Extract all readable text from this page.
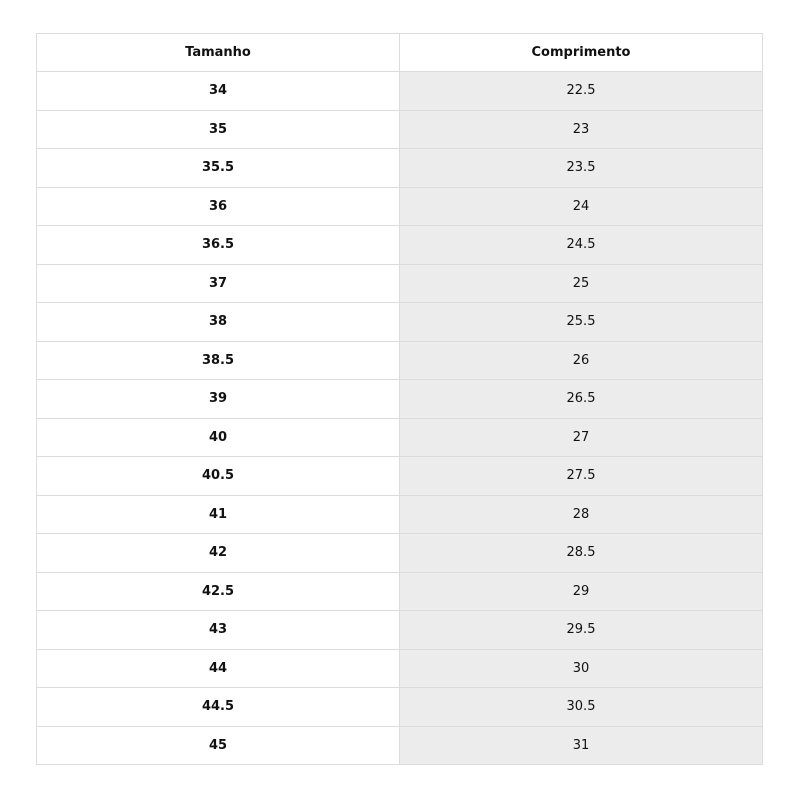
Tamanho	Comprimento
34	22.5
35	23
35.5	23.5
36	24
36.5	24.5
37	25
38	25.5
38.5	26
39	26.5
40	27
40.5	27.5
41	28
42	28.5
42.5	29
43	29.5
44	30
44.5	30.5
45	31
